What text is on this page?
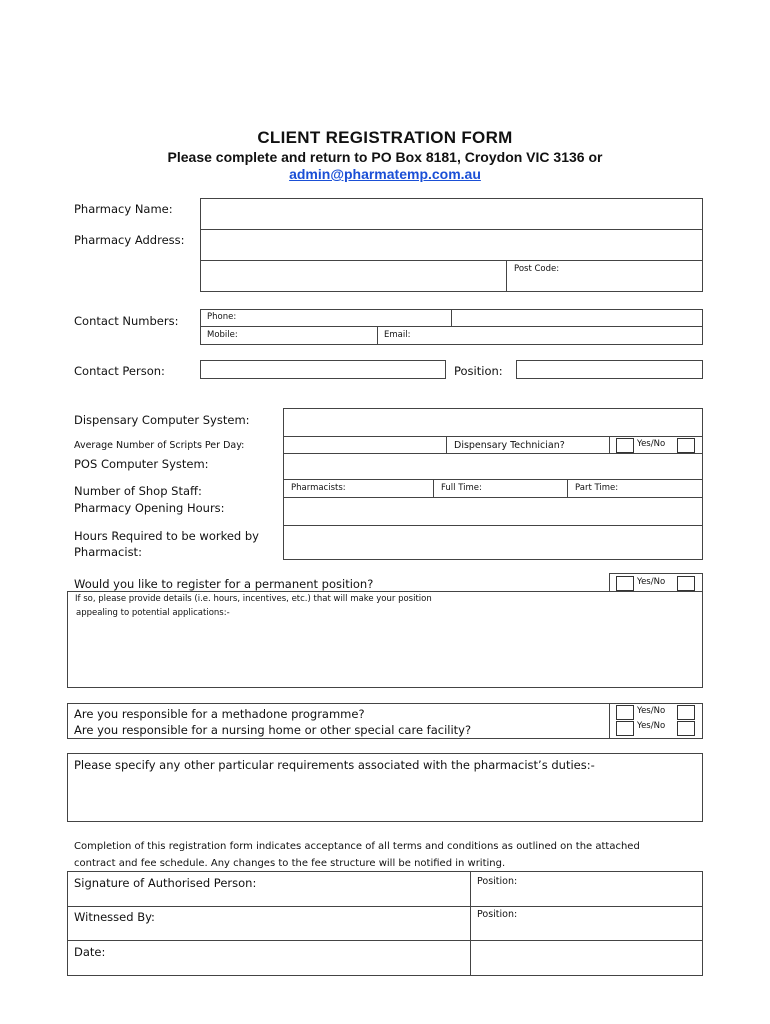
CLIENT REGISTRATION FORM
Please complete and return to PO Box 8181, Croydon VIC 3136 or
admin@pharmatemp.com.au
Pharmacy Name:
Pharmacy Address:
Post Code:
Contact Numbers:	Phone:
Mobile:	Email:
Contact Person:	Position:
Dispensary Computer System:
Average Number of Scripts Per Day:	Dispensary Technician?	Yes/No
POS Computer System:
Number of Shop Staff:	Pharmacists:	Full Time:	Part Time:
Pharmacy Opening Hours:
Hours Required to be worked by
Pharmacist:
Would you like to register for a permanent position?	Yes/No
If so, please provide details (i.e. hours, incentives, etc.) that will make your position
appealing to potential applications:-
Are you responsible for a methadone programme?
Are you responsible for a nursing home or other special care facility?
Yes/No
Yes/No
Please specify any other particular requirements associated with the pharmacist’s duties:-
Completion of this registration form indicates acceptance of all terms and conditions as outlined on the attached
contract and fee schedule. Any changes to the fee structure will be notified in writing.
Signature of Authorised Person:	Position:
Witnessed By:	Position:
Date:
